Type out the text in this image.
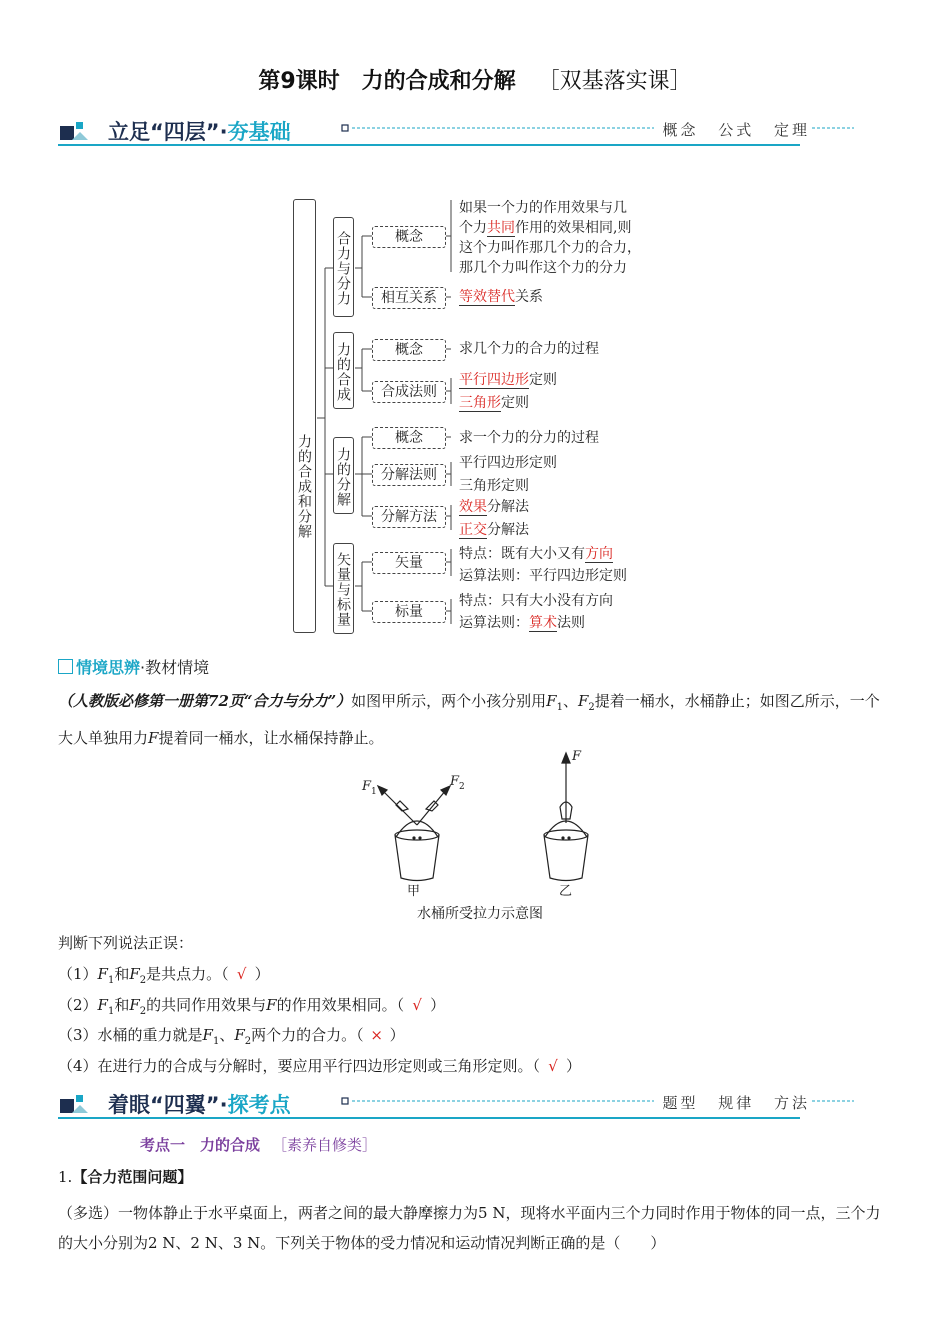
第9课时　力的合成和分解 ［双基落实课］
立足“四层”·夯基础	概念 公式 定理
力的合成和分解
合力与分力
力的合成
力的分解
矢量与标量
概念
相互关系
概念
合成法则
概念
分解法则
分解方法
矢量
标量
如果一个力的作用效果与几
个力共同作用的效果相同,则
这个力叫作那几个力的合力，
那几个力叫作这个力的分力
等效替代关系
求几个力的合力的过程
平行四边形定则
三角形定则
求一个力的分力的过程
平行四边形定则
三角形定则
效果分解法
正交分解法
特点：既有大小又有方向
运算法则：平行四边形定则
特点：只有大小没有方向
运算法则：算术法则
情境思辨·教材情境
（人教版必修第一册第72页“合力与分力”）如图甲所示，两个小孩分别用$F_1$、$F_2$提着一桶水，水桶静止；如图乙所示，一个大人单独用力F提着同一桶水，让水桶保持静止。
$F_1$
$F_2$
F
甲	乙
水桶所受拉力示意图
判断下列说法正误：
$(1)F_1$和$F_2$是共点力。（ √ ）
$(2)F_1$和$F_2$的共同作用效果与F的作用效果相同。（ √ ）
（3）水桶的重力就是$F_1$、$F_2$两个力的合力。（ × ）
（4）在进行力的合成与分解时，要应用平行四边形定则或三角形定则。（ √ ）
着眼“四翼”·探考点	题型 规律 方法
考点一　力的合成 ［素养自修类］
1.【合力范围问题】
（多选）一物体静止于水平桌面上，两者之间的最大静摩擦力为5 N，现将水平面内三个力同时作用于物体的同一点，三个力的大小分别为2 N、2 N、3 N。下列关于物体的受力情况和运动情况判断正确的是（　　）
